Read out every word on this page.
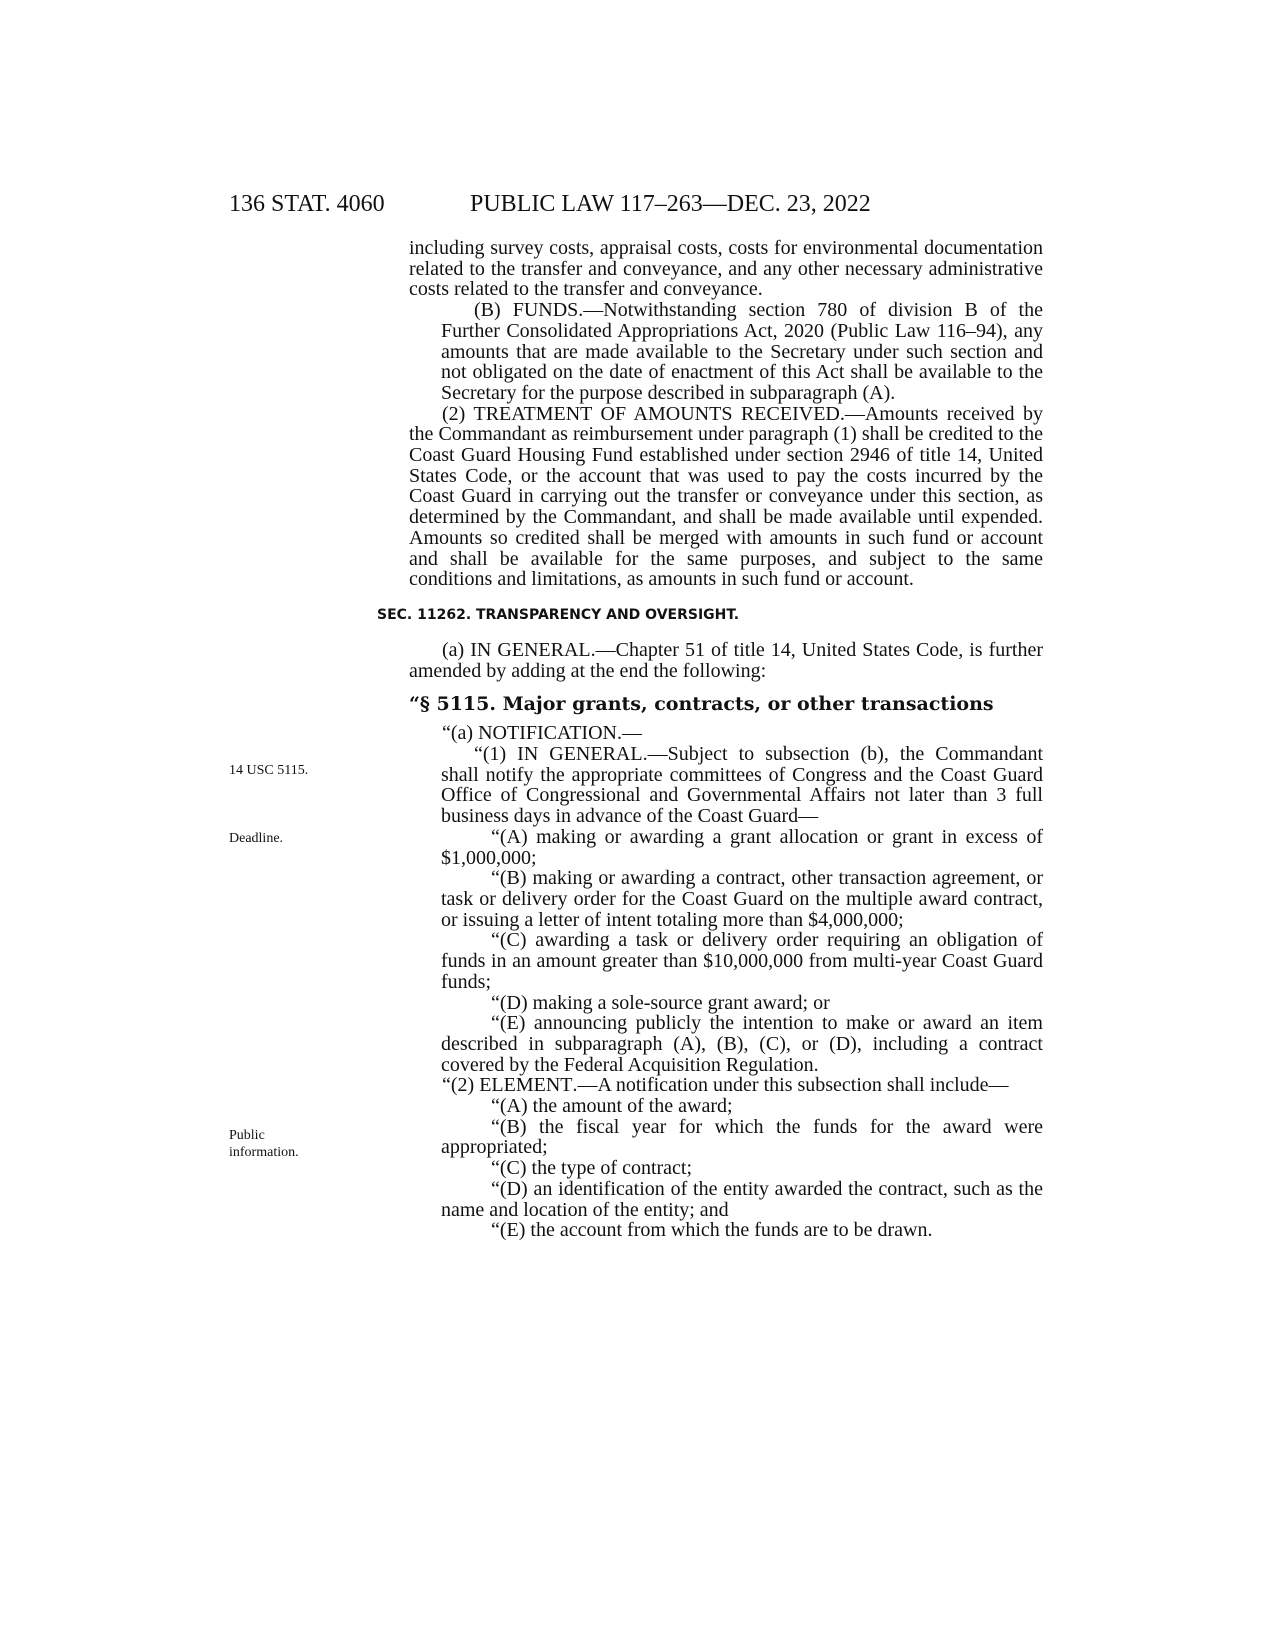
136 STAT. 4060	PUBLIC LAW 117–263—DEC. 23, 2022
14 USC 5115.
Deadline.
Public
information.

including survey costs, appraisal costs, costs for environmental documentation related to the transfer and conveyance, and any other necessary administrative costs related to the transfer and conveyance.

(B) FUNDS.—Notwithstanding section 780 of division B of the Further Consolidated Appropriations Act, 2020 (Public Law 116–94), any amounts that are made available to the Secretary under such section and not obligated on the date of enactment of this Act shall be available to the Secretary for the purpose described in subparagraph (A).

(2) TREATMENT OF AMOUNTS RECEIVED.—Amounts received by the Commandant as reimbursement under paragraph (1) shall be credited to the Coast Guard Housing Fund established under section 2946 of title 14, United States Code, or the account that was used to pay the costs incurred by the Coast Guard in carrying out the transfer or conveyance under this section, as determined by the Commandant, and shall be made available until expended. Amounts so credited shall be merged with amounts in such fund or account and shall be available for the same purposes, and subject to the same conditions and limitations, as amounts in such fund or account.

SEC. 11262. TRANSPARENCY AND OVERSIGHT.

(a) IN GENERAL.—Chapter 51 of title 14, United States Code, is further amended by adding at the end the following:

“§ 5115. Major grants, contracts, or other transactions

“(a) NOTIFICATION.—

“(1) IN GENERAL.—Subject to subsection (b), the Commandant shall notify the appropriate committees of Congress and the Coast Guard Office of Congressional and Governmental Affairs not later than 3 full business days in advance of the Coast Guard—

“(A) making or awarding a grant allocation or grant in excess of $1,000,000;

“(B) making or awarding a contract, other transaction agreement, or task or delivery order for the Coast Guard on the multiple award contract, or issuing a letter of intent totaling more than $4,000,000;

“(C) awarding a task or delivery order requiring an obligation of funds in an amount greater than $10,000,000 from multi-year Coast Guard funds;

“(D) making a sole-source grant award; or

“(E) announcing publicly the intention to make or award an item described in subparagraph (A), (B), (C), or (D), including a contract covered by the Federal Acquisition Regulation.

“(2) ELEMENT.—A notification under this subsection shall include—

“(A) the amount of the award;

“(B) the fiscal year for which the funds for the award were appropriated;

“(C) the type of contract;

“(D) an identification of the entity awarded the contract, such as the name and location of the entity; and

“(E) the account from which the funds are to be drawn.
